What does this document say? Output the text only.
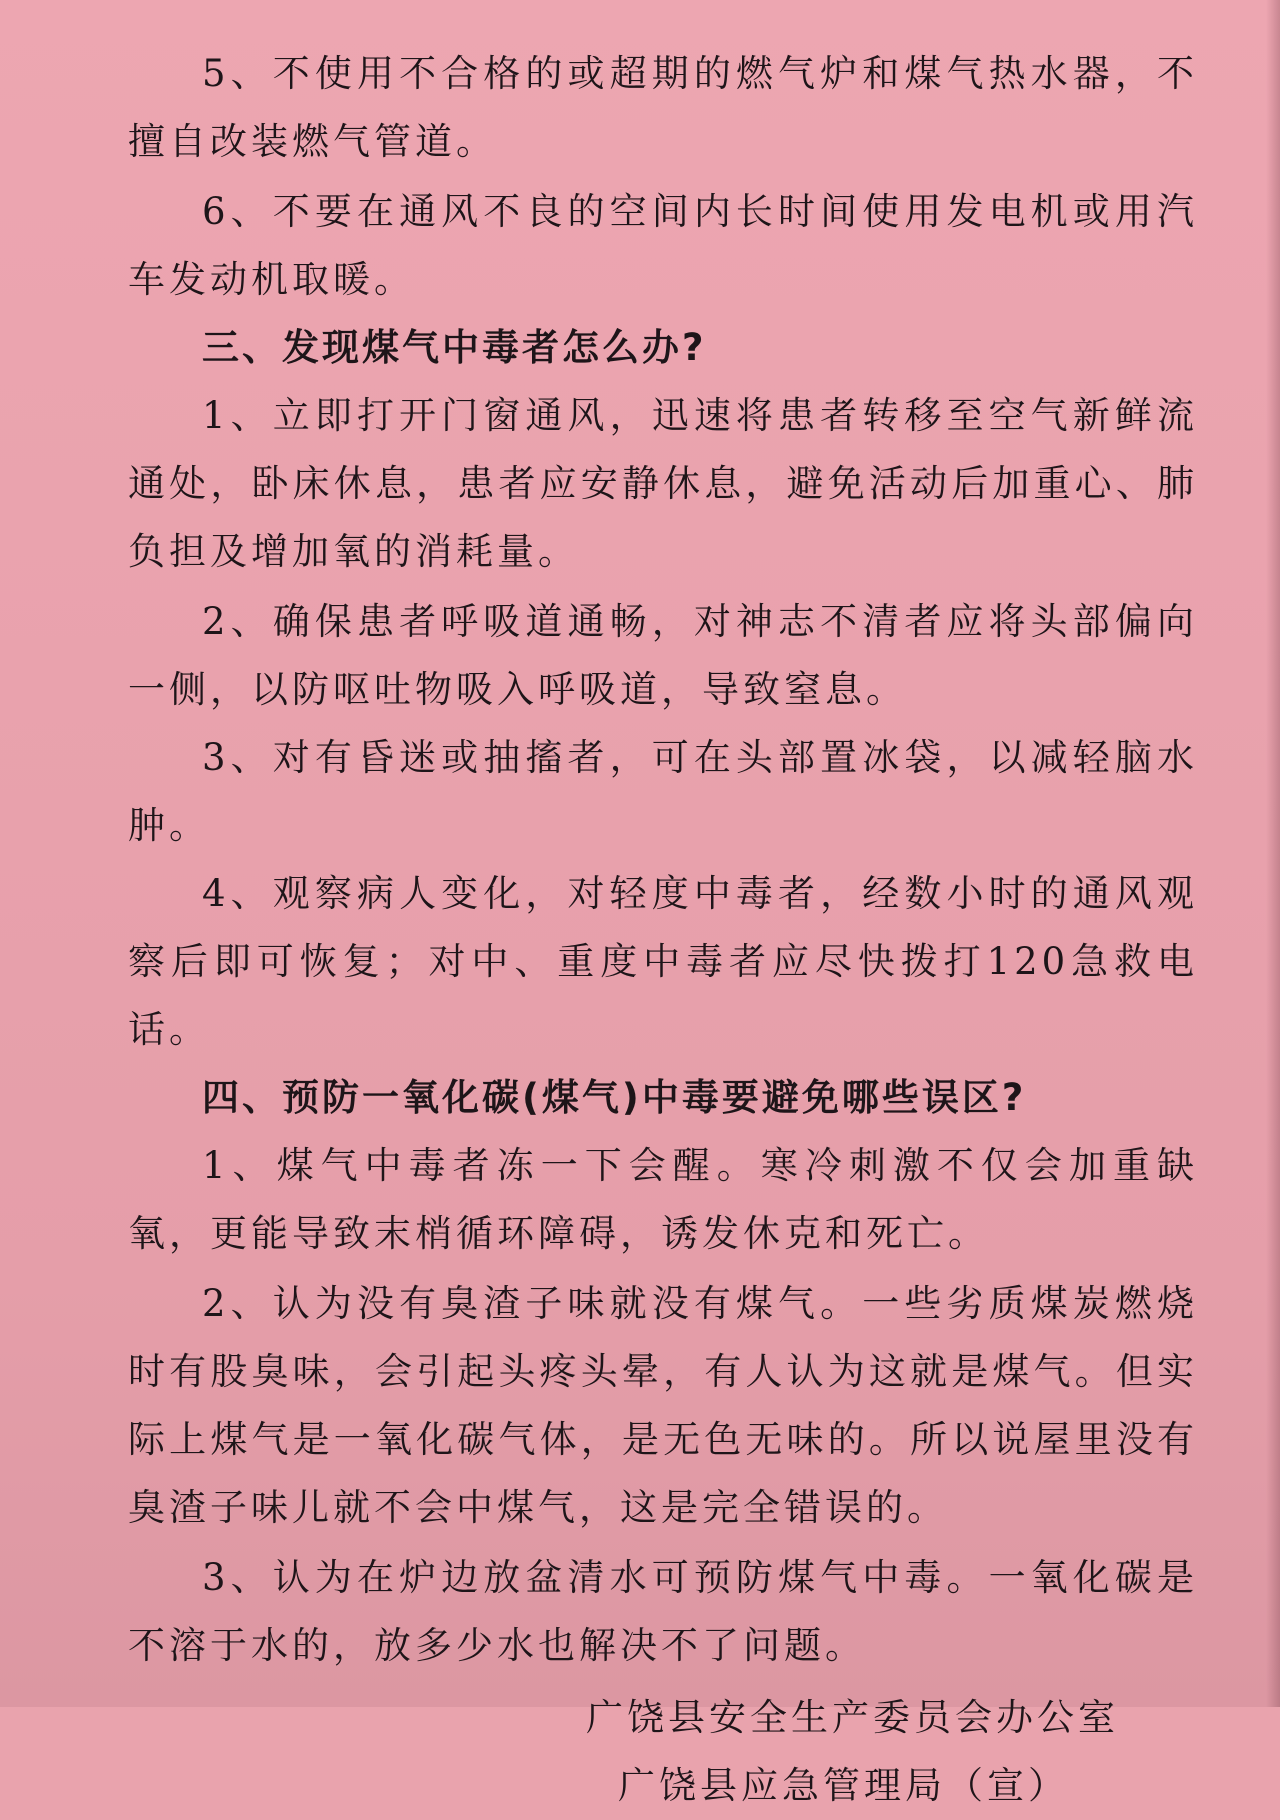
5、不使用不合格的或超期的燃气炉和煤气热水器，不擅自改装燃气管道。

6、不要在通风不良的空间内长时间使用发电机或用汽车发动机取暖。

三、发现煤气中毒者怎么办?

1、立即打开门窗通风，迅速将患者转移至空气新鲜流通处，卧床休息，患者应安静休息，避免活动后加重心、肺负担及增加氧的消耗量。

2、确保患者呼吸道通畅，对神志不清者应将头部偏向一侧，以防呕吐物吸入呼吸道，导致窒息。

3、对有昏迷或抽搐者，可在头部置冰袋，以减轻脑水肿。

4、观察病人变化，对轻度中毒者，经数小时的通风观察后即可恢复；对中、重度中毒者应尽快拨打120急救电话。

四、预防一氧化碳(煤气)中毒要避免哪些误区?

1、煤气中毒者冻一下会醒。寒冷刺激不仅会加重缺氧，更能导致末梢循环障碍，诱发休克和死亡。

2、认为没有臭渣子味就没有煤气。一些劣质煤炭燃烧时有股臭味，会引起头疼头晕，有人认为这就是煤气。但实际上煤气是一氧化碳气体，是无色无味的。所以说屋里没有臭渣子味儿就不会中煤气，这是完全错误的。

3、认为在炉边放盆清水可预防煤气中毒。一氧化碳是不溶于水的，放多少水也解决不了问题。

广饶县安全生产委员会办公室
广饶县应急管理局（宣）
